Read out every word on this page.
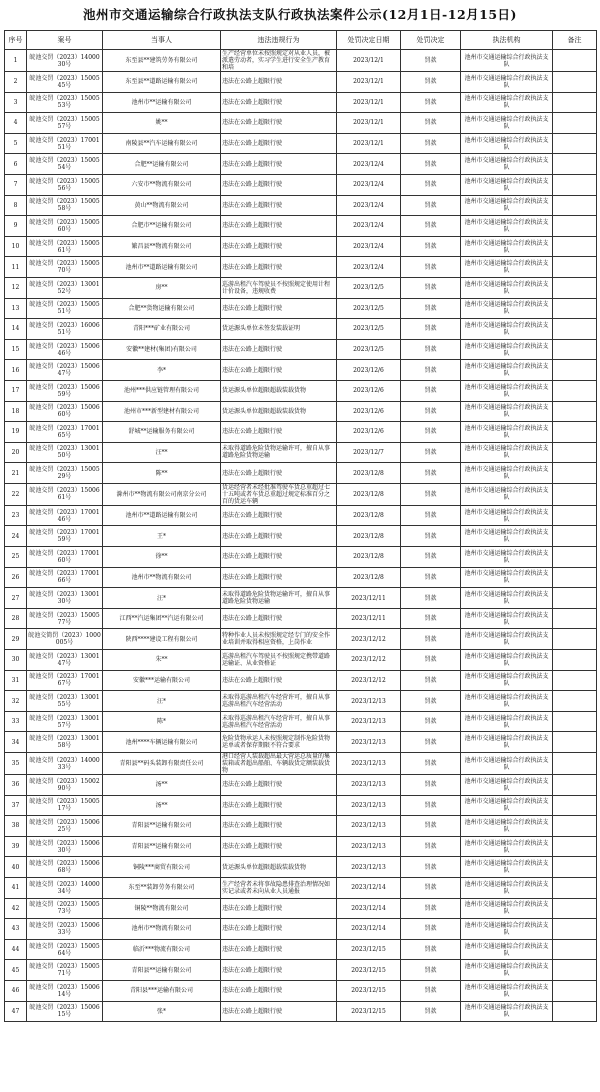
池州市交通运输综合行政执法支队行政执法案件公示(12月1日-12月15日)
序号	案号	当事人	违法违规行为	处罚决定日期	处罚决定	执法机构	备注
1	皖池交罚（2023）1400030号	东至县**建筑劳务有限公司	生产经营单位未按照规定对从业人员，被派遣劳动者，实习学生进行安全生产教育和培	2023/12/1	罚款	池州市交通运输综合行政执法支队	
2	皖池交罚（2023）1500545号	东至县**道路运输有限公司	违法在公路上超限行驶	2023/12/1	罚款	池州市交通运输综合行政执法支队	
3	皖池交罚（2023）1500553号	池州市**运输有限公司	违法在公路上超限行驶	2023/12/1	罚款	池州市交通运输综合行政执法支队	
4	皖池交罚（2023）1500557号	姚**	违法在公路上超限行驶	2023/12/1	罚款	池州市交通运输综合行政执法支队	
5	皖池交罚（2023）1700151号	南陵县**汽车运输有限公司	违法在公路上超限行驶	2023/12/1	罚款	池州市交通运输综合行政执法支队	
6	皖池交罚（2023）1500554号	合肥**运输有限公司	违法在公路上超限行驶	2023/12/4	罚款	池州市交通运输综合行政执法支队	
7	皖池交罚（2023）1500556号	六安市**物流有限公司	违法在公路上超限行驶	2023/12/4	罚款	池州市交通运输综合行政执法支队	
8	皖池交罚（2023）1500558号	黄山**物流有限公司	违法在公路上超限行驶	2023/12/4	罚款	池州市交通运输综合行政执法支队	
9	皖池交罚（2023）1500560号	合肥市**运输有限公司	违法在公路上超限行驶	2023/12/4	罚款	池州市交通运输综合行政执法支队	
10	皖池交罚（2023）1500561号	繁昌县**物流有限公司	违法在公路上超限行驶	2023/12/4	罚款	池州市交通运输综合行政执法支队	
11	皖池交罚（2023）1500570号	池州市**道路运输有限公司	违法在公路上超限行驶	2023/12/4	罚款	池州市交通运输综合行政执法支队	
12	皖池交罚（2023）1300152号	房**	巡游出租汽车驾驶员不按照规定使用计程计价设备，违规收费	2023/12/5	罚款	池州市交通运输综合行政执法支队	
13	皖池交罚（2023）1500551号	合肥**货物运输有限公司	违法在公路上超限行驶	2023/12/5	罚款	池州市交通运输综合行政执法支队	
14	皖池交罚（2023）1600651号	青阳***矿业有限公司	货运源头单位未签发装载证明	2023/12/5	罚款	池州市交通运输综合行政执法支队	
15	皖池交罚（2023）1500646号	安徽**建材(集团)有限公司	违法在公路上超限行驶	2023/12/5	罚款	池州市交通运输综合行政执法支队	
16	皖池交罚（2023）1500647号	李*	违法在公路上超限行驶	2023/12/6	罚款	池州市交通运输综合行政执法支队	
17	皖池交罚（2023）1500659号	池州***供应链管理有限公司	货运源头单位超限超载装载货物	2023/12/6	罚款	池州市交通运输综合行政执法支队	
18	皖池交罚（2023）1500660号	池州市***新型建材有限公司	货运源头单位超限超载装载货物	2023/12/6	罚款	池州市交通运输综合行政执法支队	
19	皖池交罚（2023）1700165号	舒城**运输服务有限公司	违法在公路上超限行驶	2023/12/6	罚款	池州市交通运输综合行政执法支队	
20	皖池交罚（2023）1300150号	汪**	未取得道路危险货物运输许可，擅自从事道路危险货物运输	2023/12/7	罚款	池州市交通运输综合行政执法支队	
21	皖池交罚（2023）1500529号	陈**	违法在公路上超限行驶	2023/12/8	罚款	池州市交通运输综合行政执法支队	
22	皖池交罚（2023）1500661号	滁州市**物流有限公司南京分公司	货运经营者未经批准驾驶车货总重超过七十五吨或者车货总重超过规定标准百分之百的货运车辆	2023/12/8	罚款	池州市交通运输综合行政执法支队	
23	皖池交罚（2023）1700146号	池州市**道路运输有限公司	违法在公路上超限行驶	2023/12/8	罚款	池州市交通运输综合行政执法支队	
24	皖池交罚（2023）1700159号	王*	违法在公路上超限行驶	2023/12/8	罚款	池州市交通运输综合行政执法支队	
25	皖池交罚（2023）1700160号	徐**	违法在公路上超限行驶	2023/12/8	罚款	池州市交通运输综合行政执法支队	
26	皖池交罚（2023）1700166号	池州市**物流有限公司	违法在公路上超限行驶	2023/12/8	罚款	池州市交通运输综合行政执法支队	
27	皖池交罚（2023）1300130号	汪*	未取得道路危险货物运输许可，擅自从事道路危险货物运输	2023/12/11	罚款	池州市交通运输综合行政执法支队	
28	皖池交罚（2023）1500577号	江西**汽运集团**汽运有限公司	违法在公路上超限行驶	2023/12/11	罚款	池州市交通运输综合行政执法支队	
29	皖池交简罚（2023）1000005号	陕西****建设工程有限公司	特种作业人员未按照规定经专门的安全作业培训并取得相应资格，上岗作业	2023/12/12	罚款	池州市交通运输综合行政执法支队	
30	皖池交罚（2023）1300147号	朱**	巡游出租汽车驾驶员不按照规定携带道路运输证、从业资格证	2023/12/12	罚款	池州市交通运输综合行政执法支队	
31	皖池交罚（2023）1700167号	安徽***运输有限公司	违法在公路上超限行驶	2023/12/12	罚款	池州市交通运输综合行政执法支队	
32	皖池交罚（2023）1300155号	汪*	未取得巡游出租汽车经营许可，擅自从事巡游出租汽车经营活动	2023/12/13	罚款	池州市交通运输综合行政执法支队	
33	皖池交罚（2023）1300157号	陈*	未取得巡游出租汽车经营许可，擅自从事巡游出租汽车经营活动	2023/12/13	罚款	池州市交通运输综合行政执法支队	
34	皖池交罚（2023）1300158号	池州****车辆运输有限公司	危险货物承运人未按照规定制作危险货物运单或者保存期限不符合要求	2023/12/13	罚款	池州市交通运输综合行政执法支队	
35	皖池交罚（2023）1400033号	青阳县**码头装卸有限责任公司	港口经营人装载超出最大营运总质量的集装箱或者超出船舶、车辆载货定额装载货物	2023/12/13	罚款	池州市交通运输综合行政执法支队	
36	皖池交罚（2023）1500290号	汤**	违法在公路上超限行驶	2023/12/13	罚款	池州市交通运输综合行政执法支队	
37	皖池交罚（2023）1500517号	汤**	违法在公路上超限行驶	2023/12/13	罚款	池州市交通运输综合行政执法支队	
38	皖池交罚（2023）1500625号	青阳县**运输有限公司	违法在公路上超限行驶	2023/12/13	罚款	池州市交通运输综合行政执法支队	
39	皖池交罚（2023）1500630号	青阳县**运输有限公司	违法在公路上超限行驶	2023/12/13	罚款	池州市交通运输综合行政执法支队	
40	皖池交罚（2023）1500668号	铜陵***商贸有限公司	货运源头单位超限超载装载货物	2023/12/13	罚款	池州市交通运输综合行政执法支队	
41	皖池交罚（2023）1400034号	东至**装卸劳务有限公司	生产经营者未将事故隐患排查治理情况如实记录或者未向从业人员通报	2023/12/14	罚款	池州市交通运输综合行政执法支队	
42	皖池交罚（2023）1500573号	铜陵**物流有限公司	违法在公路上超限行驶	2023/12/14	罚款	池州市交通运输综合行政执法支队	
43	皖池交罚（2023）1500633号	池州市**物流有限公司	违法在公路上超限行驶	2023/12/14	罚款	池州市交通运输综合行政执法支队	
44	皖池交罚（2023）1500564号	临沂***物流有限公司	违法在公路上超限行驶	2023/12/15	罚款	池州市交通运输综合行政执法支队	
45	皖池交罚（2023）1500571号	青阳县**运输有限公司	违法在公路上超限行驶	2023/12/15	罚款	池州市交通运输综合行政执法支队	
46	皖池交罚（2023）1500614号	青阳县***运输有限公司	违法在公路上超限行驶	2023/12/15	罚款	池州市交通运输综合行政执法支队	
47	皖池交罚（2023）1500615号	张*	违法在公路上超限行驶	2023/12/15	罚款	池州市交通运输综合行政执法支队	
